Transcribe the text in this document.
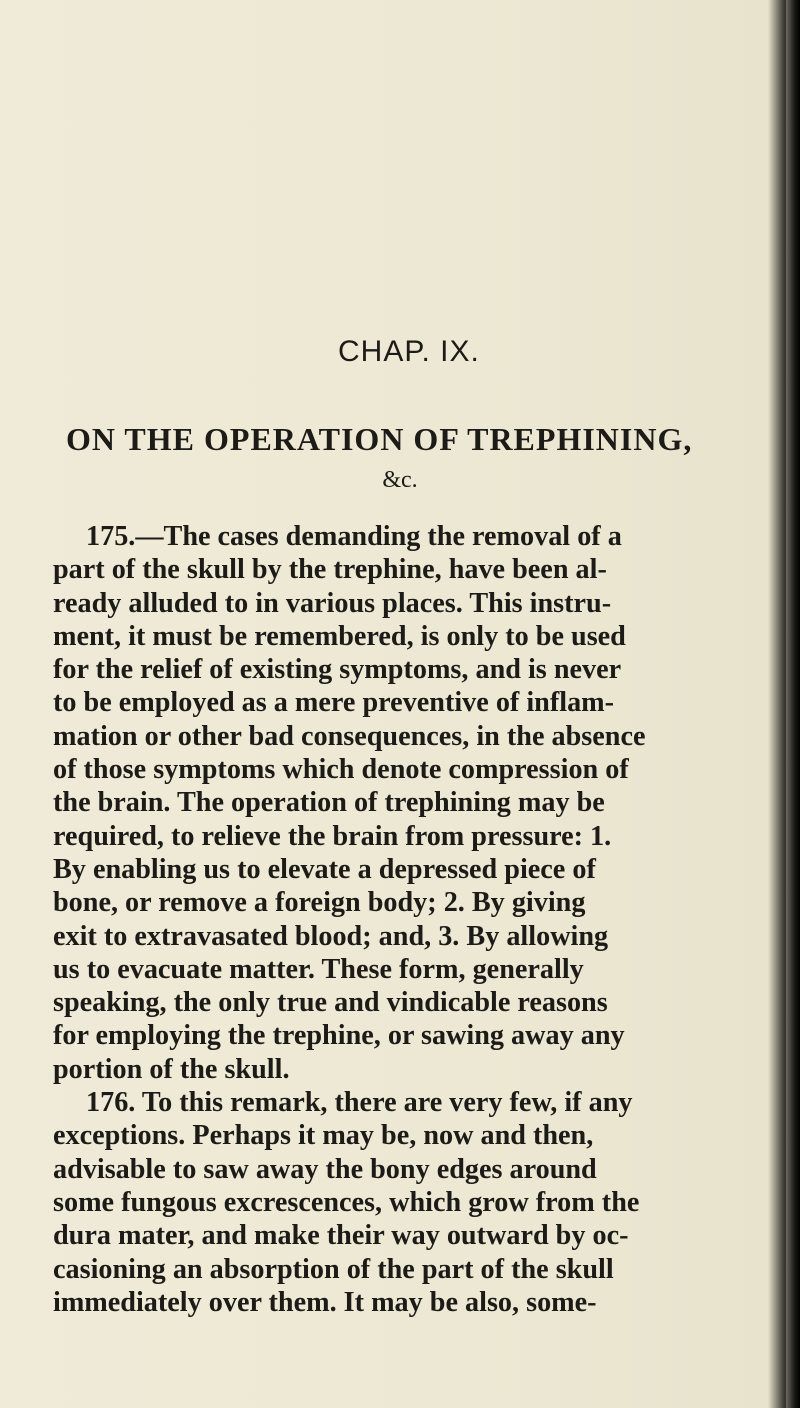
CHAP. IX.
ON THE OPERATION OF TREPHINING,
&c.
175.—The cases demanding the removal of a
part of the skull by the trephine, have been al-
ready alluded to in various places. This instru-
ment, it must be remembered, is only to be used
for the relief of existing symptoms, and is never
to be employed as a mere preventive of inflam-
mation or other bad consequences, in the absence
of those symptoms which denote compression of
the brain. The operation of trephining may be
required, to relieve the brain from pressure: 1.
By enabling us to elevate a depressed piece of
bone, or remove a foreign body; 2. By giving
exit to extravasated blood; and, 3. By allowing
us to evacuate matter. These form, generally
speaking, the only true and vindicable reasons
for employing the trephine, or sawing away any
portion of the skull.
176. To this remark, there are very few, if any
exceptions. Perhaps it may be, now and then,
advisable to saw away the bony edges around
some fungous excrescences, which grow from the
dura mater, and make their way outward by oc-
casioning an absorption of the part of the skull
immediately over them. It may be also, some-
